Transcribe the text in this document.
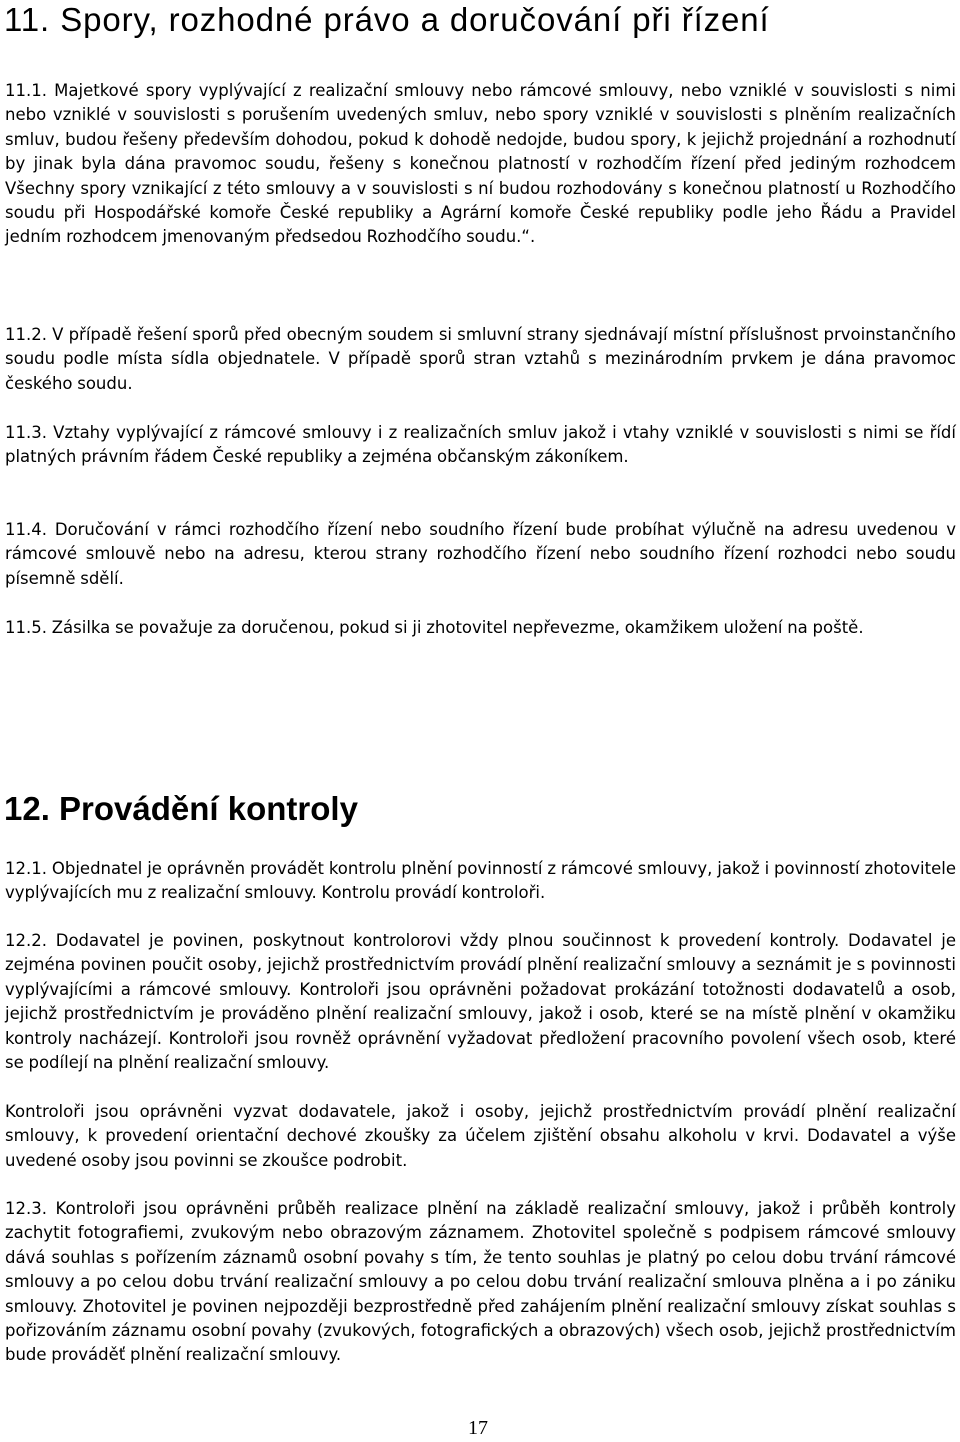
11. Spory, rozhodné právo a doručování při řízení

11.1. Majetkové spory vyplývající z realizační smlouvy nebo rámcové smlouvy, nebo vzniklé v souvislosti s nimi nebo vzniklé v souvislosti s porušením uvedených smluv, nebo spory vzniklé v souvislosti s plněním realizačních smluv, budou řešeny především dohodou, pokud k dohodě nedojde, budou spory, k jejichž projednání a rozhodnutí by jinak byla dána pravomoc soudu, řešeny s konečnou platností v rozhodčím řízení před jediným rozhodcem Všechny spory vznikající z této smlouvy a v souvislosti s ní budou rozhodovány s konečnou platností u Rozhodčího soudu při Hospodářské komoře České republiky a Agrární komoře České republiky podle jeho Řádu a Pravidel jedním rozhodcem jmenovaným předsedou Rozhodčího soudu.“.

11.2. V případě řešení sporů před obecným soudem si smluvní strany sjednávají místní příslušnost prvoinstančního soudu podle místa sídla objednatele. V případě sporů stran vztahů s mezinárodním prvkem je dána pravomoc českého soudu.

11.3. Vztahy vyplývající z rámcové smlouvy i z realizačních smluv jakož i vtahy vzniklé v souvislosti s nimi se řídí platných právním řádem České republiky a zejména občanským zákoníkem.

11.4. Doručování v rámci rozhodčího řízení nebo soudního řízení bude probíhat výlučně na adresu uvedenou v rámcové smlouvě nebo na adresu, kterou strany rozhodčího řízení nebo soudního řízení rozhodci nebo soudu písemně sdělí.

11.5. Zásilka se považuje za doručenou, pokud si ji zhotovitel nepřevezme, okamžikem uložení na poště.

12. Provádění kontroly

12.1. Objednatel je oprávněn provádět kontrolu plnění povinností z rámcové smlouvy, jakož i povinností zhotovitele vyplývajících mu z realizační smlouvy. Kontrolu provádí kontroloři.

12.2. Dodavatel je povinen, poskytnout kontrolorovi vždy plnou součinnost k provedení kontroly. Dodavatel je zejména povinen poučit osoby, jejichž prostřednictvím provádí plnění realizační smlouvy a seznámit je s povinnosti vyplývajícími a rámcové smlouvy. Kontroloři jsou oprávněni požadovat prokázání totožnosti dodavatelů a osob, jejichž prostřednictvím je prováděno plnění realizační smlouvy, jakož i osob, které se na místě plnění v okamžiku kontroly nacházejí. Kontroloři jsou rovněž oprávnění vyžadovat předložení pracovního povolení všech osob, které se podílejí na plnění realizační smlouvy.

Kontroloři jsou oprávněni vyzvat dodavatele, jakož i osoby, jejichž prostřednictvím provádí plnění realizační smlouvy, k provedení orientační dechové zkoušky za účelem zjištění obsahu alkoholu v krvi. Dodavatel a výše uvedené osoby jsou povinni se zkoušce podrobit.

12.3. Kontroloři jsou oprávněni průběh realizace plnění na základě realizační smlouvy, jakož i průběh kontroly zachytit fotografiemi, zvukovým nebo obrazovým záznamem. Zhotovitel společně s podpisem rámcové smlouvy dává souhlas s pořízením záznamů osobní povahy s tím, že tento souhlas je platný po celou dobu trvání rámcové smlouvy a po celou dobu trvání realizační smlouvy a po celou dobu trvání realizační smlouva plněna a i po zániku smlouvy. Zhotovitel je povinen nejpozději bezprostředně před zahájením plnění realizační smlouvy získat souhlas s pořizováním záznamu osobní povahy (zvukových, fotografických a obrazových) všech osob, jejichž prostřednictvím bude prováděť plnění realizační smlouvy.

17
